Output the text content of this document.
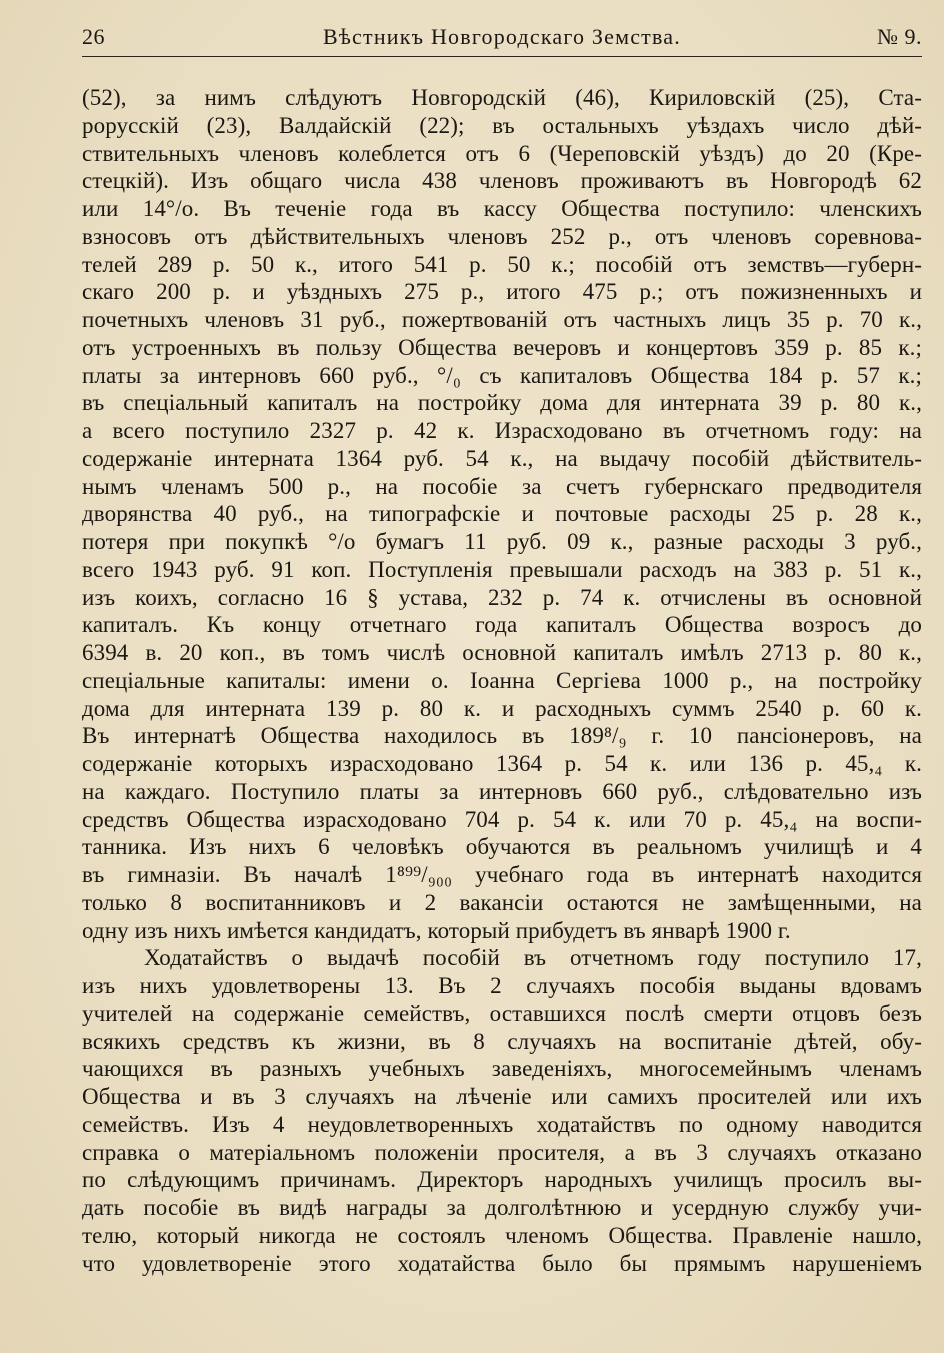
26	Вѣстникъ Новгородскаго Земства.	№ 9.
(52), за нимъ слѣдуютъ Новгородскій (46), Кириловскій (25), Ста-
рорусскій (23), Валдайскій (22); въ остальныхъ уѣздахъ число дѣй-
ствительныхъ членовъ колеблется отъ 6 (Череповскій уѣздъ) до 20 (Кре-
стецкій). Изъ общаго числа 438 членовъ проживаютъ въ Новгородѣ 62
или 14°/о. Въ теченіе года въ кассу Общества поступило: членскихъ
взносовъ отъ дѣйствительныхъ членовъ 252 р., отъ членовъ соревнова-
телей 289 р. 50 к., итого 541 р. 50 к.; пособій отъ земствъ—губерн-
скаго 200 р. и уѣздныхъ 275 р., итого 475 р.; отъ пожизненныхъ и
почетныхъ членовъ 31 руб., пожертвованій отъ частныхъ лицъ 35 р. 70 к.,
отъ устроенныхъ въ пользу Общества вечеровъ и концертовъ 359 р. 85 к.;
платы за интерновъ 660 руб., °/₀ съ капиталовъ Общества 184 р. 57 к.;
въ спеціальный капиталъ на постройку дома для интерната 39 р. 80 к.,
а всего поступило 2327 р. 42 к. Израсходовано въ отчетномъ году: на
содержаніе интерната 1364 руб. 54 к., на выдачу пособій дѣйствитель-
нымъ членамъ 500 р., на пособіе за счетъ губернскаго предводителя
дворянства 40 руб., на типографскіе и почтовые расходы 25 р. 28 к.,
потеря при покупкѣ °/о бумагъ 11 руб. 09 к., разные расходы 3 руб.,
всего 1943 руб. 91 коп. Поступленія превышали расходъ на 383 р. 51 к.,
изъ коихъ, согласно 16 § устава, 232 р. 74 к. отчислены въ основной
капиталъ. Къ концу отчетнаго года капиталъ Общества возросъ до
6394 в. 20 коп., въ томъ числѣ основной капиталъ имѣлъ 2713 р. 80 к.,
спеціальные капиталы: имени о. Іоанна Сергіева 1000 р., на постройку
дома для интерната 139 р. 80 к. и расходныхъ суммъ 2540 р. 60 к.
Въ интернатѣ Общества находилось въ 189⁸/₉ г. 10 пансіонеровъ, на
содержаніе которыхъ израсходовано 1364 р. 54 к. или 136 р. 45,₄ к.
на каждаго. Поступило платы за интерновъ 660 руб., слѣдовательно изъ
средствъ Общества израсходовано 704 р. 54 к. или 70 р. 45,₄ на воспи-
танника. Изъ нихъ 6 человѣкъ обучаются въ реальномъ училищѣ и 4
въ гимназіи. Въ началѣ 1⁸⁹⁹/₉₀₀ учебнаго года въ интернатѣ находится
только 8 воспитанниковъ и 2 вакансіи остаются не замѣщенными, на
одну изъ нихъ имѣется кандидатъ, который прибудетъ въ январѣ 1900 г.
Ходатайствъ о выдачѣ пособій въ отчетномъ году поступило 17,
изъ нихъ удовлетворены 13. Въ 2 случаяхъ пособія выданы вдовамъ
учителей на содержаніе семействъ, оставшихся послѣ смерти отцовъ безъ
всякихъ средствъ къ жизни, въ 8 случаяхъ на воспитаніе дѣтей, обу-
чающихся въ разныхъ учебныхъ заведеніяхъ, многосемейнымъ членамъ
Общества и въ 3 случаяхъ на лѣченіе или самихъ просителей или ихъ
семействъ. Изъ 4 неудовлетворенныхъ ходатайствъ по одному наводится
справка о матеріальномъ положеніи просителя, а въ 3 случаяхъ отказано
по слѣдующимъ причинамъ. Директоръ народныхъ училищъ просилъ вы-
дать пособіе въ видѣ награды за долголѣтнюю и усердную службу учи-
телю, который никогда не состоялъ членомъ Общества. Правленіе нашло,
что удовлетвореніе этого ходатайства было бы прямымъ нарушеніемъ
